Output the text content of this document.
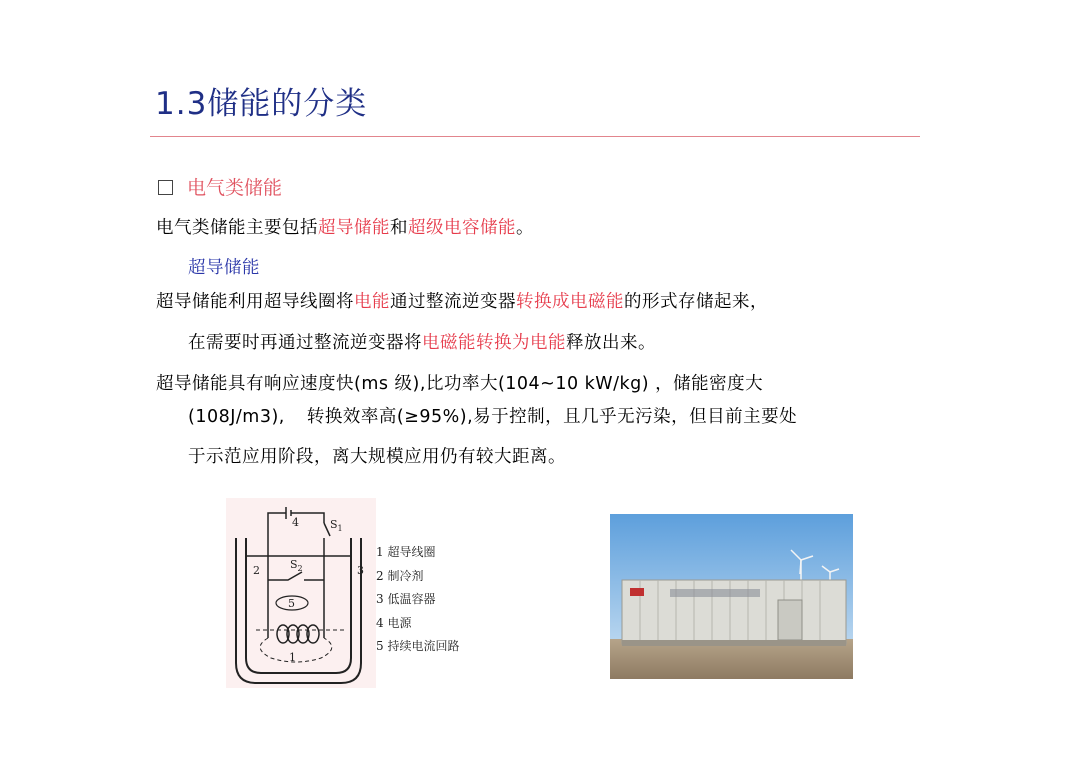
1.3储能的分类
电气类储能
电气类储能主要包括超导储能和超级电容储能。
超导储能
超导储能利用超导线圈将电能通过整流逆变器转换成电磁能的形式存储起来，
在需要时再通过整流逆变器将电磁能转换为电能释放出来。
超导储能具有响应速度快(ms 级),比功率大(104~10 kW/kg) ，储能密度大
(108J/m3), 转换效率高(≥95%),易于控制，且几乎无污染，但目前主要处
于示范应用阶段，离大规模应用仍有较大距离。
4	$S_1$
2	3
$S_2$
5
1
1 超导线圈
2 制冷剂
3 低温容器
4 电源
5 持续电流回路
